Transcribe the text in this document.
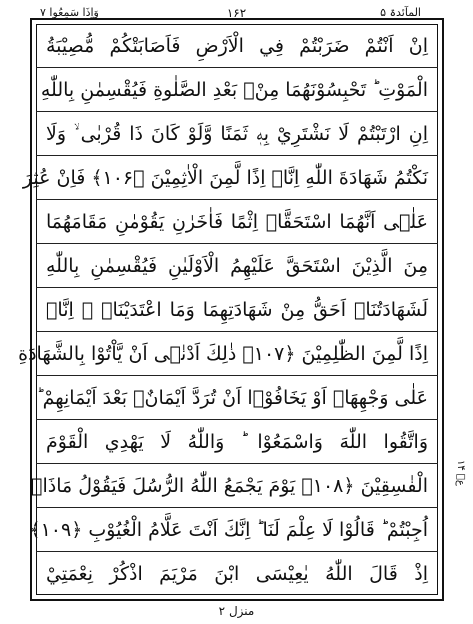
المآئدۃ ۵
۱۶۲
وَاِذَا سَمِعُوا ۷
اِنْ اَنْتُمْ ضَرَبْتُمْ فِي الْاَرْضِ فَاَصَابَتْكُمْ مُّصِيْبَةُ
الْمَوْتِ ؕ تَحْبِسُوْنَهُمَا مِنْۢ بَعْدِ الصَّلٰوةِ فَيُقْسِمٰنِ بِاللّٰهِ
اِنِ ارْتَبْتُمْ لَا نَشْتَرِيْ بِهٖ ثَمَنًا وَّلَوْ كَانَ ذَا قُرْبٰى ۙ وَلَا
نَكْتُمُ شَهَادَةَ اللّٰهِ اِنَّاۤ اِذًا لَّمِنَ الْاٰثِمِيْنَ ﴿۱۰۶﴾ فَاِنْ عُثِرَ
عَلٰۤى اَنَّهُمَا اسْتَحَقَّاۤ اِثْمًا فَاٰخَرٰنِ يَقُوْمٰنِ مَقَامَهُمَا
مِنَ الَّذِيْنَ اسْتَحَقَّ عَلَيْهِمُ الْاَوْلَيٰنِ فَيُقْسِمٰنِ بِاللّٰهِ
لَشَهَادَتُنَاۤ اَحَقُّ مِنْ شَهَادَتِهِمَا وَمَا اعْتَدَيْنَاۤ ۖ اِنَّاۤ
اِذًا لَّمِنَ الظّٰلِمِيْنَ ﴿۱۰۷﴾ ذٰلِكَ اَدْنٰۤى اَنْ يَّاْتُوْا بِالشَّهَادَةِ
عَلٰى وَجْهِهَاۤ اَوْ يَخَافُوْۤا اَنْ تُرَدَّ اَيْمَانٌۢ بَعْدَ اَيْمَانِهِمْ ؕ
وَاتَّقُوا اللّٰهَ وَاسْمَعُوْا ؕ وَاللّٰهُ لَا يَهْدِي الْقَوْمَ
الْفٰسِقِيْنَ ﴿۱۰۸﴾ يَوْمَ يَجْمَعُ اللّٰهُ الرُّسُلَ فَيَقُوْلُ مَاذَاۤ
اُجِبْتُمْ ؕ قَالُوْا لَا عِلْمَ لَنَا ؕ اِنَّكَ اَنْتَ عَلَّامُ الْغُيُوْبِ ﴿۱۰۹﴾
اِذْ قَالَ اللّٰهُ يٰعِيْسَى ابْنَ مَرْيَمَ اذْكُرْ نِعْمَتِيْ
عۡ ۱۴
منزل ۲
